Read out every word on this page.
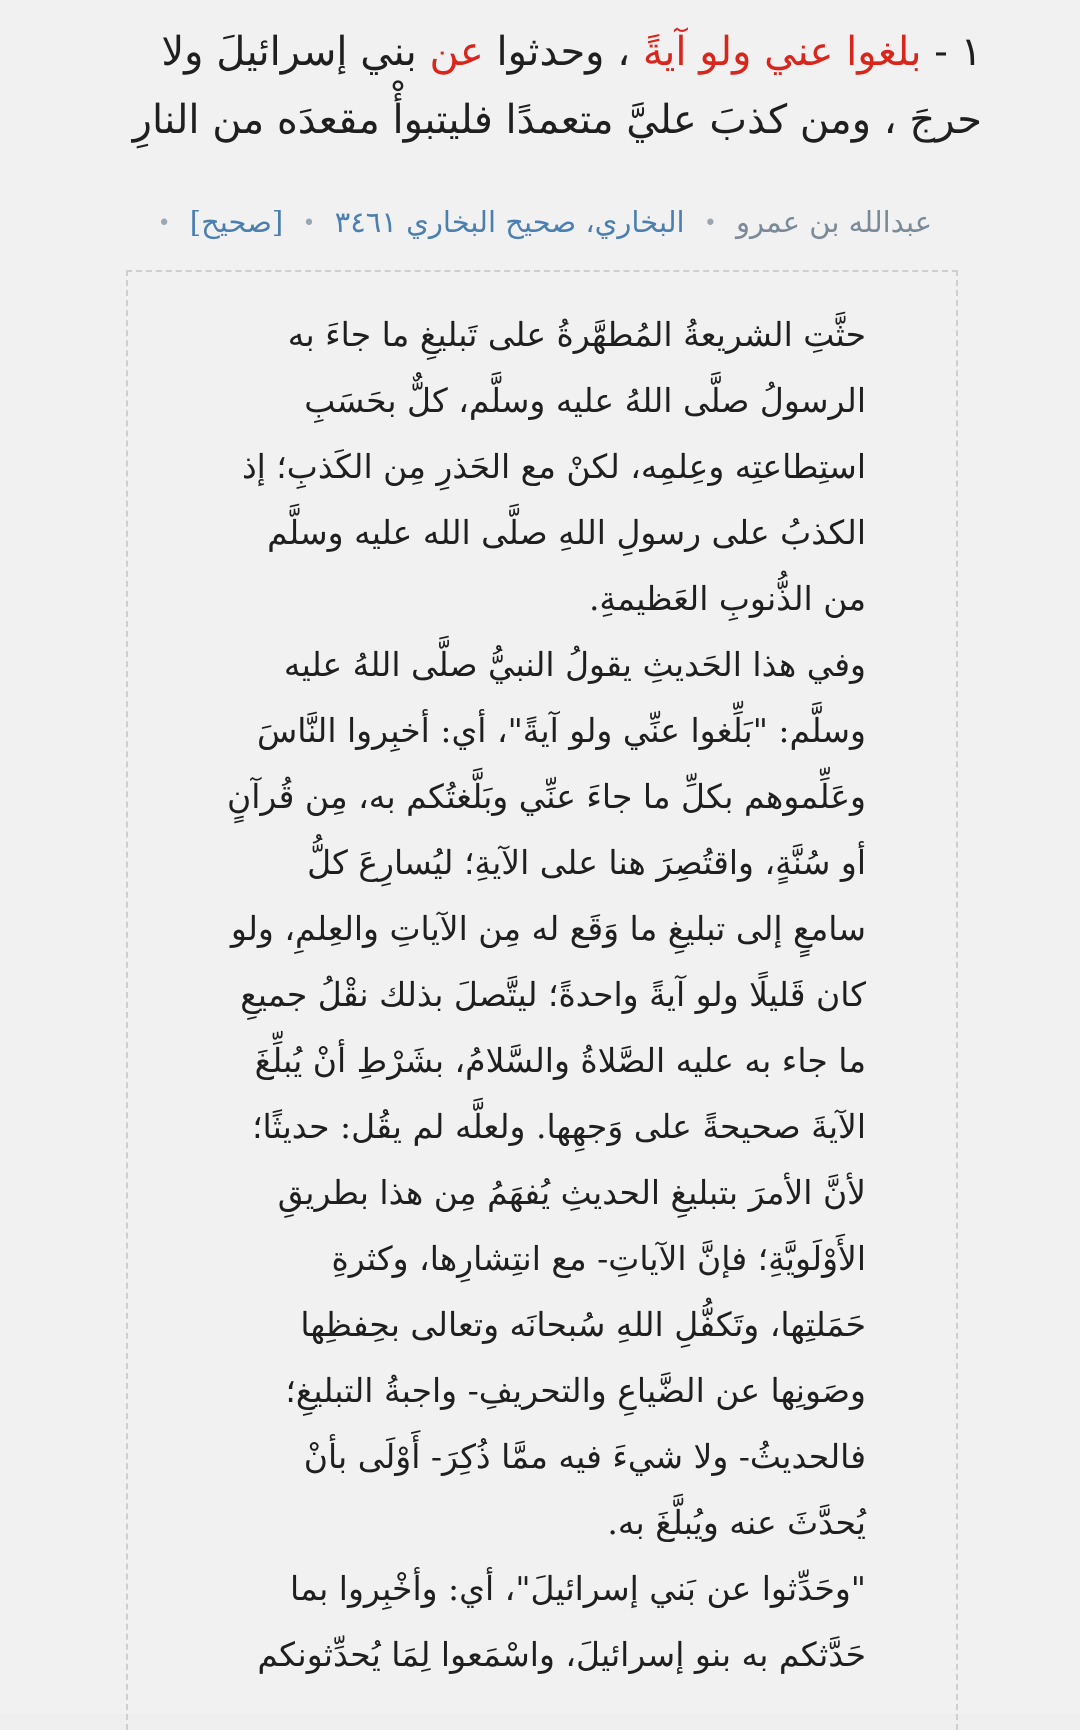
١ - بلغوا عني ولو آيةً ، وحدثوا عن بني إسرائيلَ ولا حرجَ ، ومن كذبَ عليَّ متعمدًا فليتبوأْ مقعدَه من النارِ
عبدالله بن عمرو • البخاري، صحيح البخاري ٣٤٦١ • [صحيح] •

حثَّتِ الشريعةُ المُطهَّرةُ على تَبليغِ ما جاءَ به الرسولُ صلَّى اللهُ عليه وسلَّم، كلٌّ بحَسَبِ استِطاعتِه وعِلمِه، لكنْ مع الحَذرِ مِن الكَذبِ؛ إذ الكذبُ على رسولِ اللهِ صلَّى الله عليه وسلَّم من الذُّنوبِ العَظيمةِ.

وفي هذا الحَديثِ يقولُ النبيُّ صلَّى اللهُ عليه وسلَّم: "بَلِّغوا عنِّي ولو آيةً"، أي: أخبِروا النَّاسَ وعَلِّموهم بكلِّ ما جاءَ عنِّي وبَلَّغتُكم به، مِن قُرآنٍ أو سُنَّةٍ، واقتُصِرَ هنا على الآيةِ؛ ليُسارِعَ كلُّ سامعٍ إلى تبليغِ ما وَقَع له مِن الآياتِ والعِلمِ، ولو كان قَليلًا ولو آيةً واحدةً؛ ليتَّصلَ بذلك نقْلُ جميعِ ما جاء به عليه الصَّلاةُ والسَّلامُ، بشَرْطِ أنْ يُبلِّغَ الآيةَ صحيحةً على وَجهِها. ولعلَّه لم يقُل: حديثًا؛ لأنَّ الأمرَ بتبليغِ الحديثِ يُفهَمُ مِن هذا بطريقِ الأَوْلَويَّةِ؛ فإنَّ الآياتِ- مع انتِشارِها، وكثرةِ حَمَلتِها، وتَكفُّلِ اللهِ سُبحانَه وتعالى بحِفظِها وصَونِها عن الضَّياعِ والتحريفِ- واجبةُ التبليغِ؛ فالحديثُ- ولا شيءَ فيه ممَّا ذُكِرَ- أَوْلَى بأنْ يُحدَّثَ عنه ويُبلَّغَ به.

"وحَدِّثوا عن بَني إسرائيلَ"، أي: وأخْبِروا بما حَدَّثكم به بنو إسرائيلَ، واسْمَعوا لِمَا يُحدِّثونكم
